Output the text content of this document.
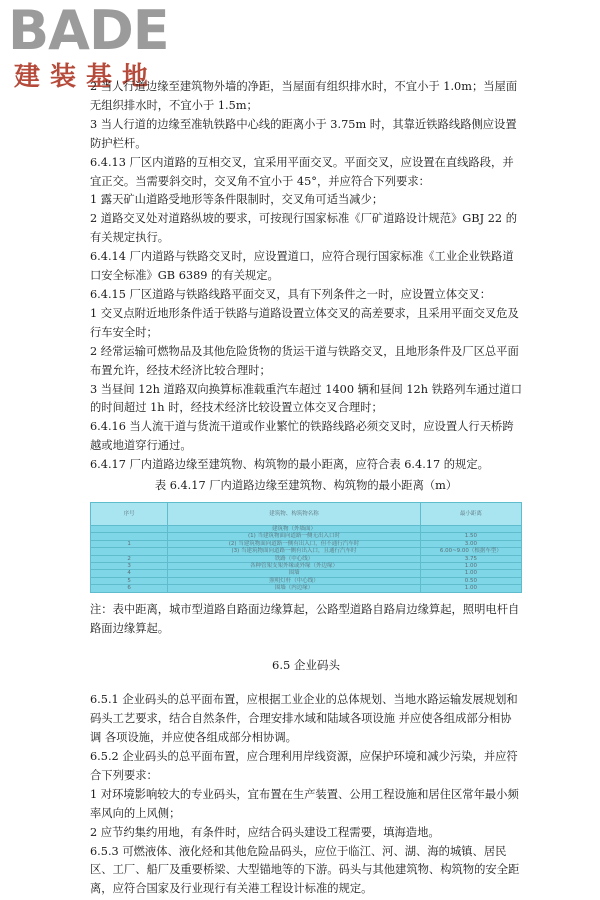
BADE
建装基地

2 当人行道边缘至建筑物外墙的净距，当屋面有组织排水时，不宜小于 1.0m；当屋面无组织排水时，不宜小于 1.5m；

3 当人行道的边缘至准轨铁路中心线的距离小于 3.75m 时，其靠近铁路线路侧应设置防护栏杆。

6.4.13 厂区内道路的互相交叉，宜采用平面交叉。平面交叉，应设置在直线路段，并宜正交。当需要斜交时，交叉角不宜小于 45°，并应符合下列要求：

1 露天矿山道路受地形等条件限制时，交叉角可适当减少；

2 道路交叉处对道路纵坡的要求，可按现行国家标准《厂矿道路设计规范》GBJ 22 的有关规定执行。

6.4.14 厂内道路与铁路交叉时，应设置道口，应符合现行国家标准《工业企业铁路道口安全标准》GB 6389 的有关规定。

6.4.15 厂区道路与铁路线路平面交叉，具有下列条件之一时，应设置立体交叉：

1 交叉点附近地形条件适于铁路与道路设置立体交叉的高差要求，且采用平面交叉危及行车安全时；

2 经常运输可燃物品及其他危险货物的货运干道与铁路交叉，且地形条件及厂区总平面布置允许，经技术经济比较合理时；

3 当昼间 12h 道路双向换算标准载重汽车超过 1400 辆和昼间 12h 铁路列车通过道口的时间超过 1h 时，经技术经济比较设置立体交叉合理时；

6.4.16 当人流干道与货流干道或作业繁忙的铁路线路必须交叉时，应设置人行天桥跨越或地道穿行通过。

6.4.17 厂内道路边缘至建筑物、构筑物的最小距离，应符合表 6.4.17 的规定。

表 6.4.17 厂内道路边缘至建筑物、构筑物的最小距离（m）

序号	建筑物、构筑物名称	最小距离
	建筑物（外墙面）	
	(1) 当建筑物面向道路一侧无出入口时	1.50
1	(2) 当建筑物面向道路一侧有出入口，但不通行汽车时	3.00
	(3) 当建筑物面向道路一侧有出入口，且通行汽车时	6.00~9.00（根据车型）
2	铁路（中心线）	3.75
3	各种管架支架外缘或外缘（外边缘）	1.00
4	围墙	1.00
5	照明灯杆（中心线）	0.50
6	围墙（内边缘）	1.00

注：表中距离，城市型道路自路面边缘算起，公路型道路自路肩边缘算起，照明电杆自路面边缘算起。

6.5 企业码头

6.5.1 企业码头的总平面布置，应根据工业企业的总体规划、当地水路运输发展规划和码头工艺要求，结合自然条件，合理安排水域和陆域各项设施 并应使各组成部分相协调 各项设施，并应使各组成部分相协调。

6.5.2 企业码头的总平面布置，应合理利用岸线资源，应保护环境和减少污染，并应符合下列要求：

1 对环境影响较大的专业码头，宜布置在生产装置、公用工程设施和居住区常年最小频率风向的上风侧；

2 应节约集约用地，有条件时，应结合码头建设工程需要，填海造地。

6.5.3 可燃液体、液化烃和其他危险品码头，应位于临江、河、湖、海的城镇、居民区、工厂、船厂及重要桥梁、大型锚地等的下游。码头与其他建筑物、构筑物的安全距离，应符合国家及行业现行有关港工程设计标准的规定。
